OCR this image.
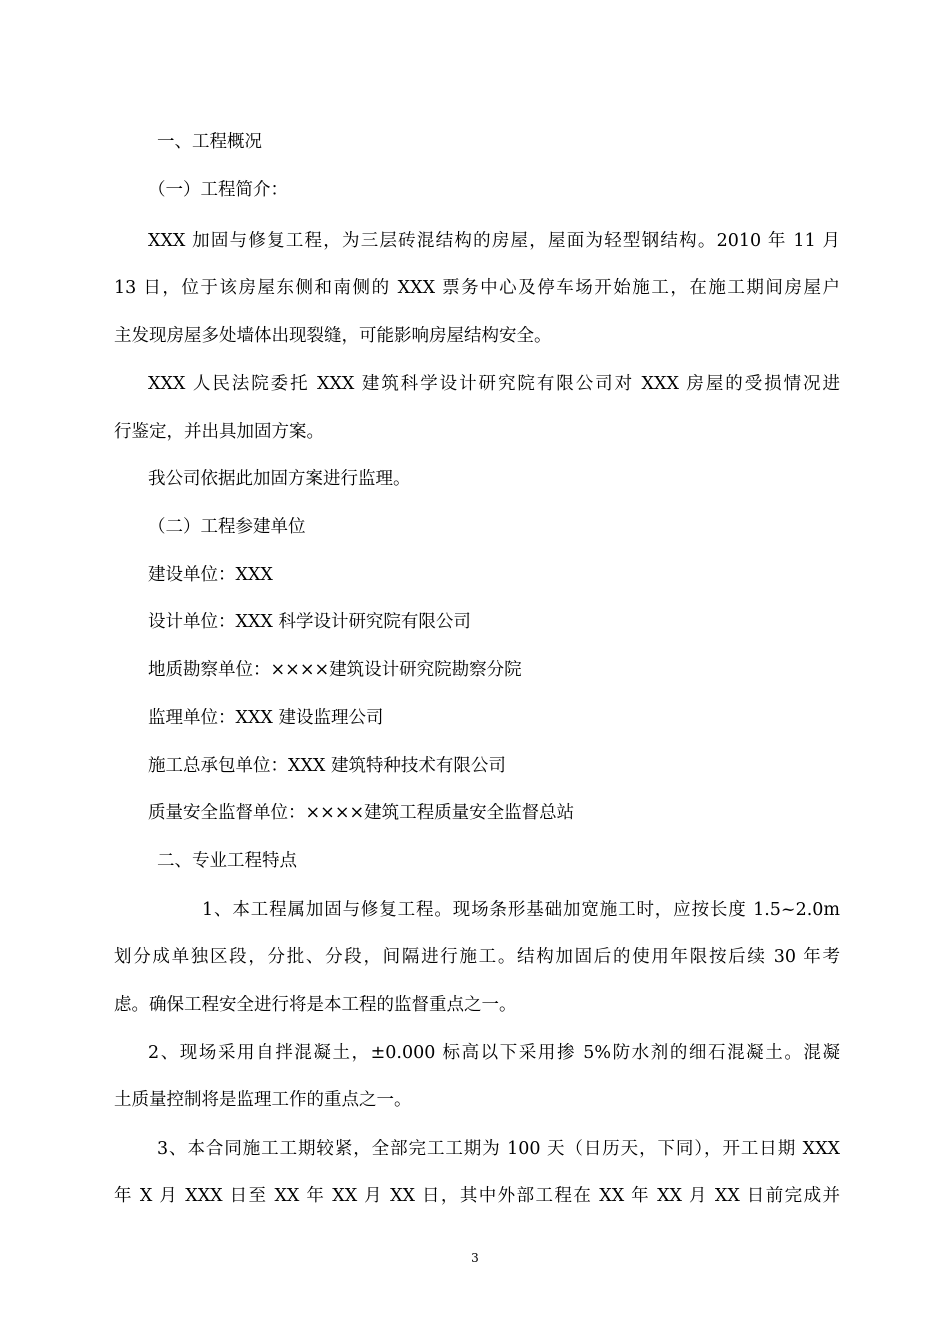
一、工程概况
（一）工程简介：
XXX 加固与修复工程，为三层砖混结构的房屋，屋面为轻型钢结构。2010 年 11 月
13 日，位于该房屋东侧和南侧的 XXX 票务中心及停车场开始施工，在施工期间房屋户
主发现房屋多处墙体出现裂缝，可能影响房屋结构安全。
XXX 人民法院委托 XXX 建筑科学设计研究院有限公司对 XXX 房屋的受损情况进
行鉴定，并出具加固方案。
我公司依据此加固方案进行监理。
（二）工程参建单位
建设单位：XXX
设计单位：XXX 科学设计研究院有限公司
地质勘察单位：××××建筑设计研究院勘察分院
监理单位：XXX 建设监理公司
施工总承包单位：XXX 建筑特种技术有限公司
质量安全监督单位：××××建筑工程质量安全监督总站
二、专业工程特点
1、本工程属加固与修复工程。现场条形基础加宽施工时，应按长度 1.5~2.0m
划分成单独区段，分批、分段，间隔进行施工。结构加固后的使用年限按后续 30 年考
虑。确保工程安全进行将是本工程的监督重点之一。
2、现场采用自拌混凝土，±0.000 标高以下采用掺 5%防水剂的细石混凝土。混凝
土质量控制将是监理工作的重点之一。
3、本合同施工工期较紧，全部完工工期为 100 天（日历天，下同），开工日期 XXX
年 X 月 XXX 日至 XX 年 XX 月 XX 日，其中外部工程在 XX 年 XX 月 XX 日前完成并
3
